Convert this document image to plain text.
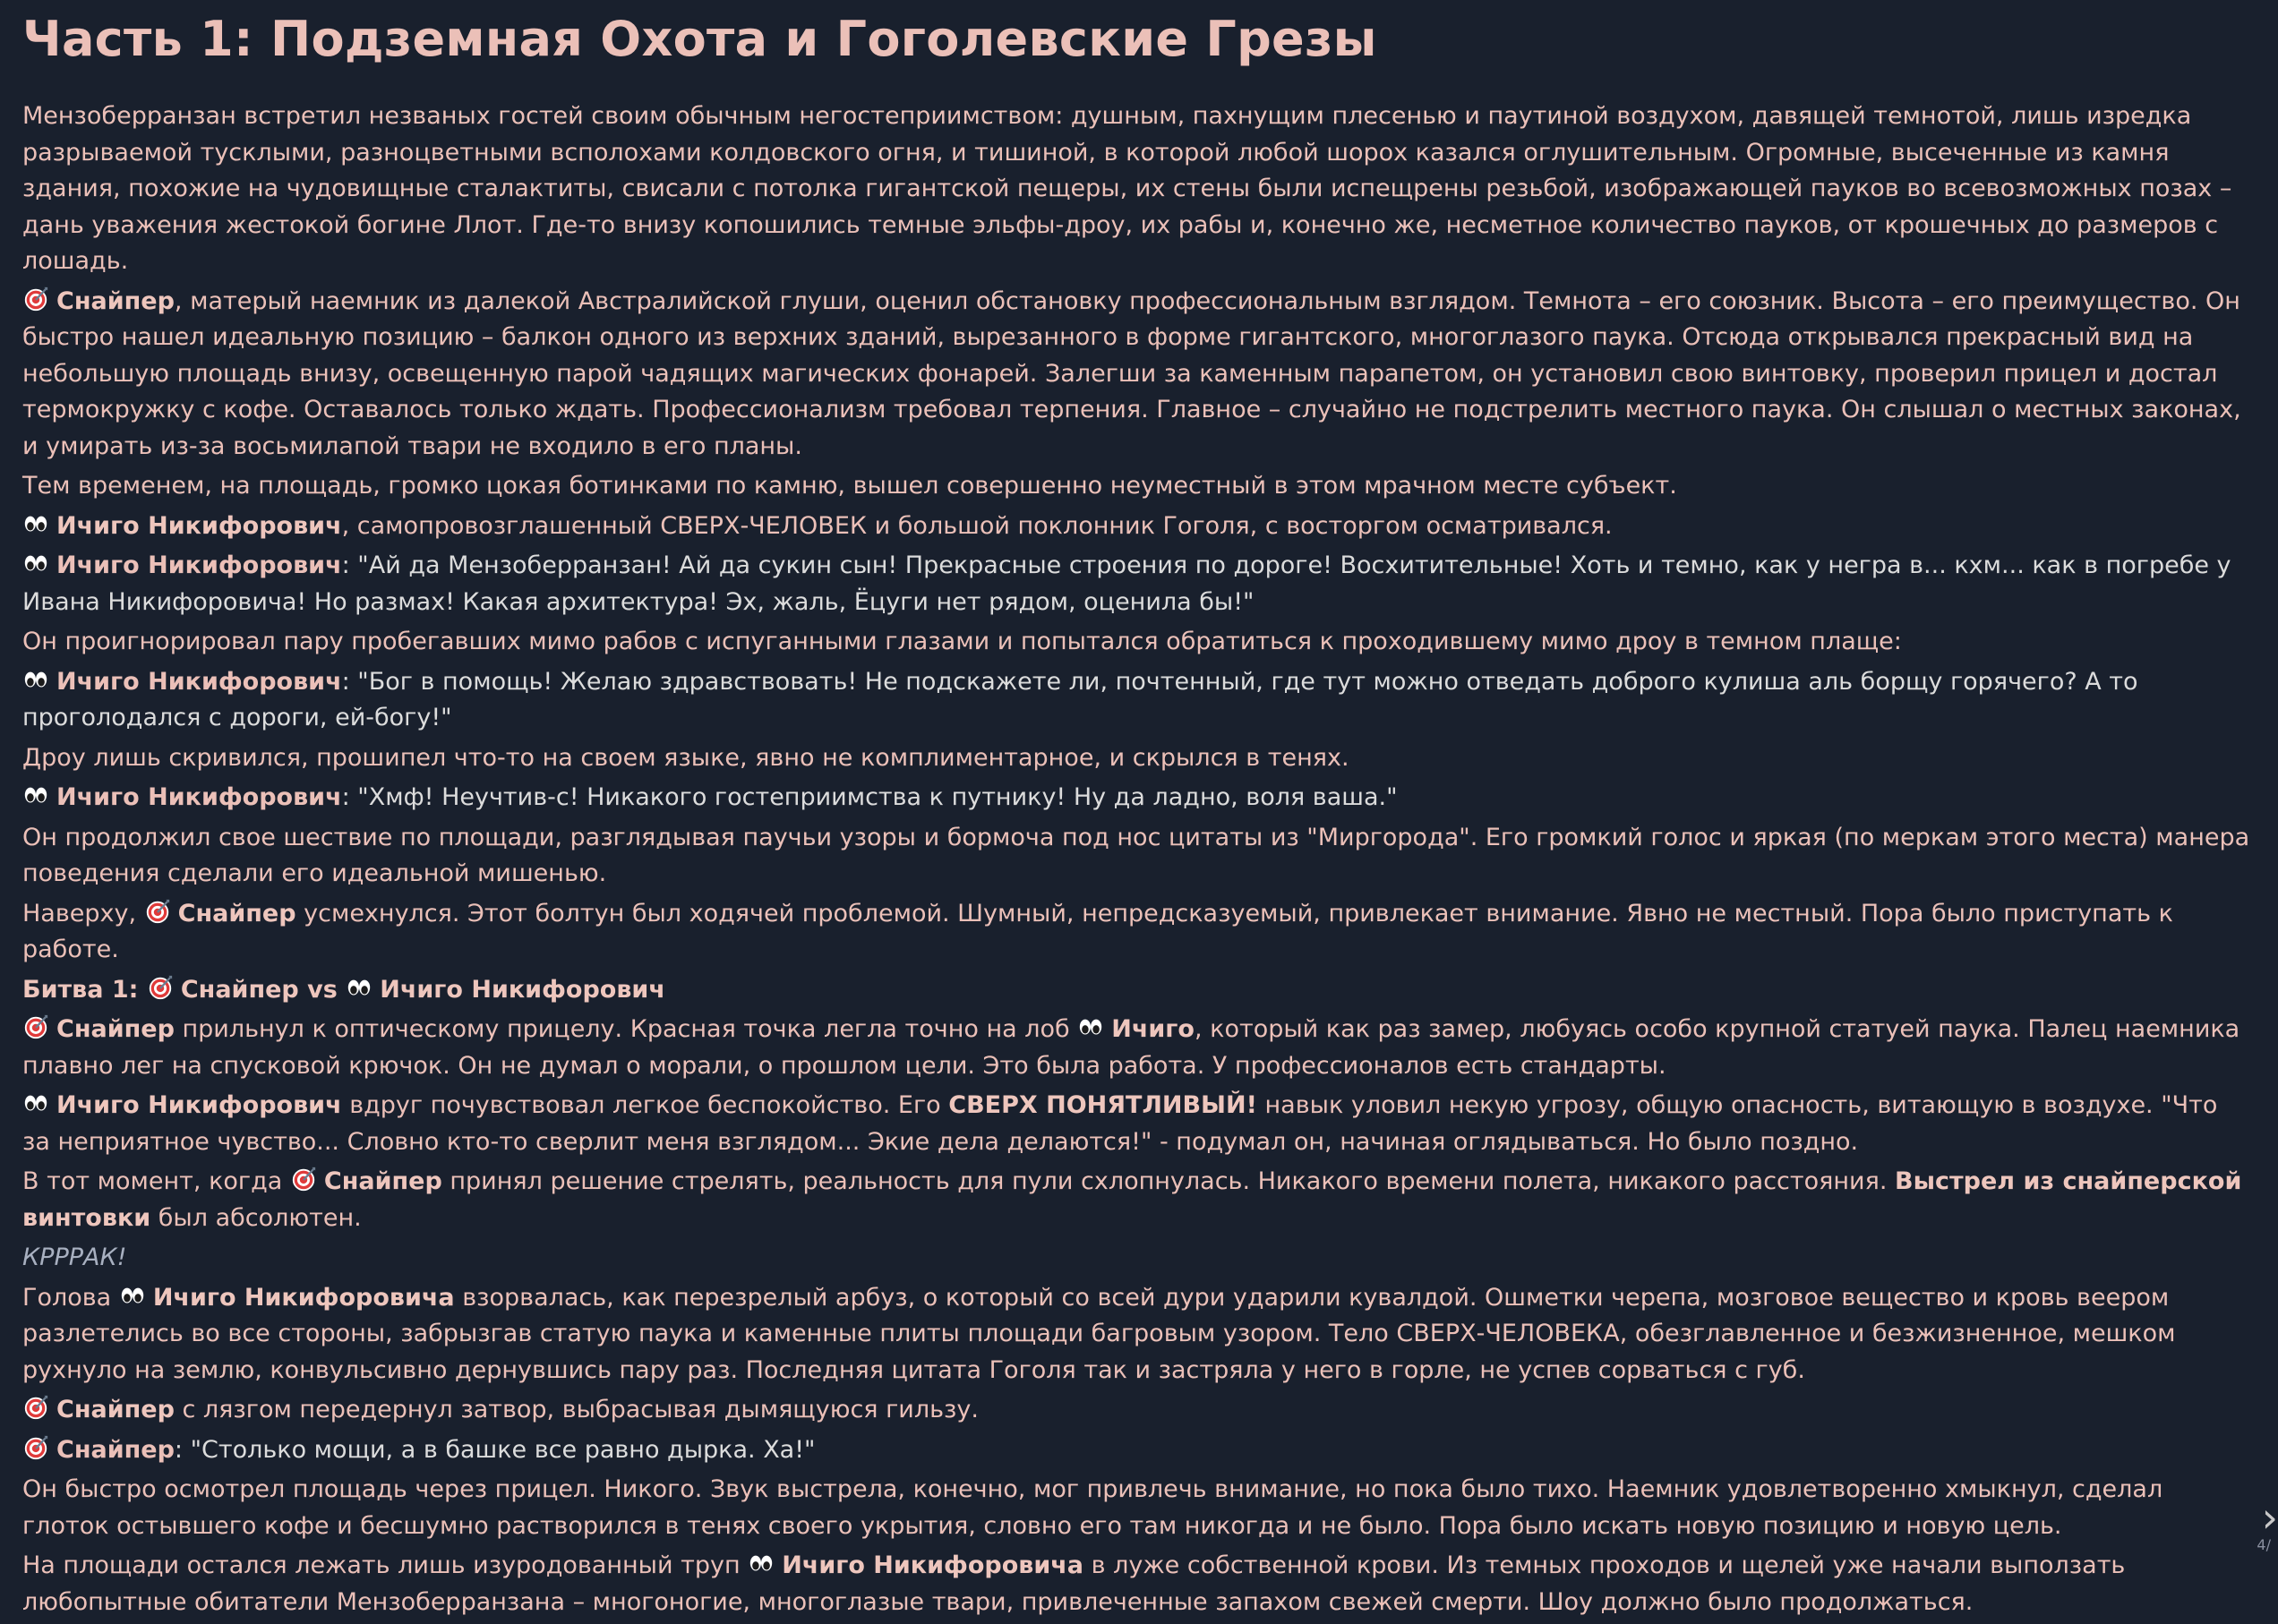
Часть 1: Подземная Охота и Гоголевские Грезы

Мензоберранзан встретил незваных гостей своим обычным негостеприимством: душным, пахнущим плесенью и паутиной воздухом, давящей темнотой, лишь изредка разрываемой тусклыми, разноцветными всполохами колдовского огня, и тишиной, в которой любой шорох казался оглушительным. Огромные, высеченные из камня здания, похожие на чудовищные сталактиты, свисали с потолка гигантской пещеры, их стены были испещрены резьбой, изображающей пауков во всевозможных позах – дань уважения жестокой богине Ллот. Где-то внизу копошились темные эльфы-дроу, их рабы и, конечно же, несметное количество пауков, от крошечных до размеров с лошадь.

Снайпер, матерый наемник из далекой Австралийской глуши, оценил обстановку профессиональным взглядом. Темнота – его союзник. Высота – его преимущество. Он быстро нашел идеальную позицию – балкон одного из верхних зданий, вырезанного в форме гигантского, многоглазого паука. Отсюда открывался прекрасный вид на небольшую площадь внизу, освещенную парой чадящих магических фонарей. Залегши за каменным парапетом, он установил свою винтовку, проверил прицел и достал термокружку с кофе. Оставалось только ждать. Профессионализм требовал терпения. Главное – случайно не подстрелить местного паука. Он слышал о местных законах, и умирать из-за восьмилапой твари не входило в его планы.

Тем временем, на площадь, громко цокая ботинками по камню, вышел совершенно неуместный в этом мрачном месте субъект.

Ичиго Никифорович, самопровозглашенный СВЕРХ-ЧЕЛОВЕК и большой поклонник Гоголя, с восторгом осматривался.

Ичиго Никифорович: "Ай да Мензоберранзан! Ай да сукин сын! Прекрасные строения по дороге! Восхитительные! Хоть и темно, как у негра в... кхм... как в погребе у Ивана Никифоровича! Но размах! Какая архитектура! Эх, жаль, Ёцуги нет рядом, оценила бы!"

Он проигнорировал пару пробегавших мимо рабов с испуганными глазами и попытался обратиться к проходившему мимо дроу в темном плаще:

Ичиго Никифорович: "Бог в помощь! Желаю здравствовать! Не подскажете ли, почтенный, где тут можно отведать доброго кулиша аль борщу горячего? А то проголодался с дороги, ей-богу!"

Дроу лишь скривился, прошипел что-то на своем языке, явно не комплиментарное, и скрылся в тенях.

Ичиго Никифорович: "Хмф! Неучтив-с! Никакого гостеприимства к путнику! Ну да ладно, воля ваша."

Он продолжил свое шествие по площади, разглядывая паучьи узоры и бормоча под нос цитаты из "Миргорода". Его громкий голос и яркая (по меркам этого места) манера поведения сделали его идеальной мишенью.

Наверху, Снайпер усмехнулся. Этот болтун был ходячей проблемой. Шумный, непредсказуемый, привлекает внимание. Явно не местный. Пора было приступать к работе.

Битва 1: Снайпер vs Ичиго Никифорович

Снайпер прильнул к оптическому прицелу. Красная точка легла точно на лоб Ичиго, который как раз замер, любуясь особо крупной статуей паука. Палец наемника плавно лег на спусковой крючок. Он не думал о морали, о прошлом цели. Это была работа. У профессионалов есть стандарты.

Ичиго Никифорович вдруг почувствовал легкое беспокойство. Его СВЕРХ ПОНЯТЛИВЫЙ! навык уловил некую угрозу, общую опасность, витающую в воздухе. "Что за неприятное чувство... Словно кто-то сверлит меня взглядом... Экие дела делаются!" - подумал он, начиная оглядываться. Но было поздно.

В тот момент, когда Снайпер принял решение стрелять, реальность для пули схлопнулась. Никакого времени полета, никакого расстояния. Выстрел из снайперской винтовки был абсолютен.

КРРРАК!

Голова Ичиго Никифоровича взорвалась, как перезрелый арбуз, о который со всей дури ударили кувалдой. Ошметки черепа, мозговое вещество и кровь веером разлетелись во все стороны, забрызгав статую паука и каменные плиты площади багровым узором. Тело СВЕРХ-ЧЕЛОВЕКА, обезглавленное и безжизненное, мешком рухнуло на землю, конвульсивно дернувшись пару раз. Последняя цитата Гоголя так и застряла у него в горле, не успев сорваться с губ.

Снайпер с лязгом передернул затвор, выбрасывая дымящуюся гильзу.

Снайпер: "Столько мощи, а в башке все равно дырка. Ха!"

Он быстро осмотрел площадь через прицел. Никого. Звук выстрела, конечно, мог привлечь внимание, но пока было тихо. Наемник удовлетворенно хмыкнул, сделал глоток остывшего кофе и бесшумно растворился в тенях своего укрытия, словно его там никогда и не было. Пора было искать новую позицию и новую цель.

На площади остался лежать лишь изуродованный труп Ичиго Никифоровича в луже собственной крови. Из темных проходов и щелей уже начали выползать любопытные обитатели Мензоберранзана – многоногие, многоглазые твари, привлеченные запахом свежей смерти. Шоу должно было продолжаться.

›
4/
